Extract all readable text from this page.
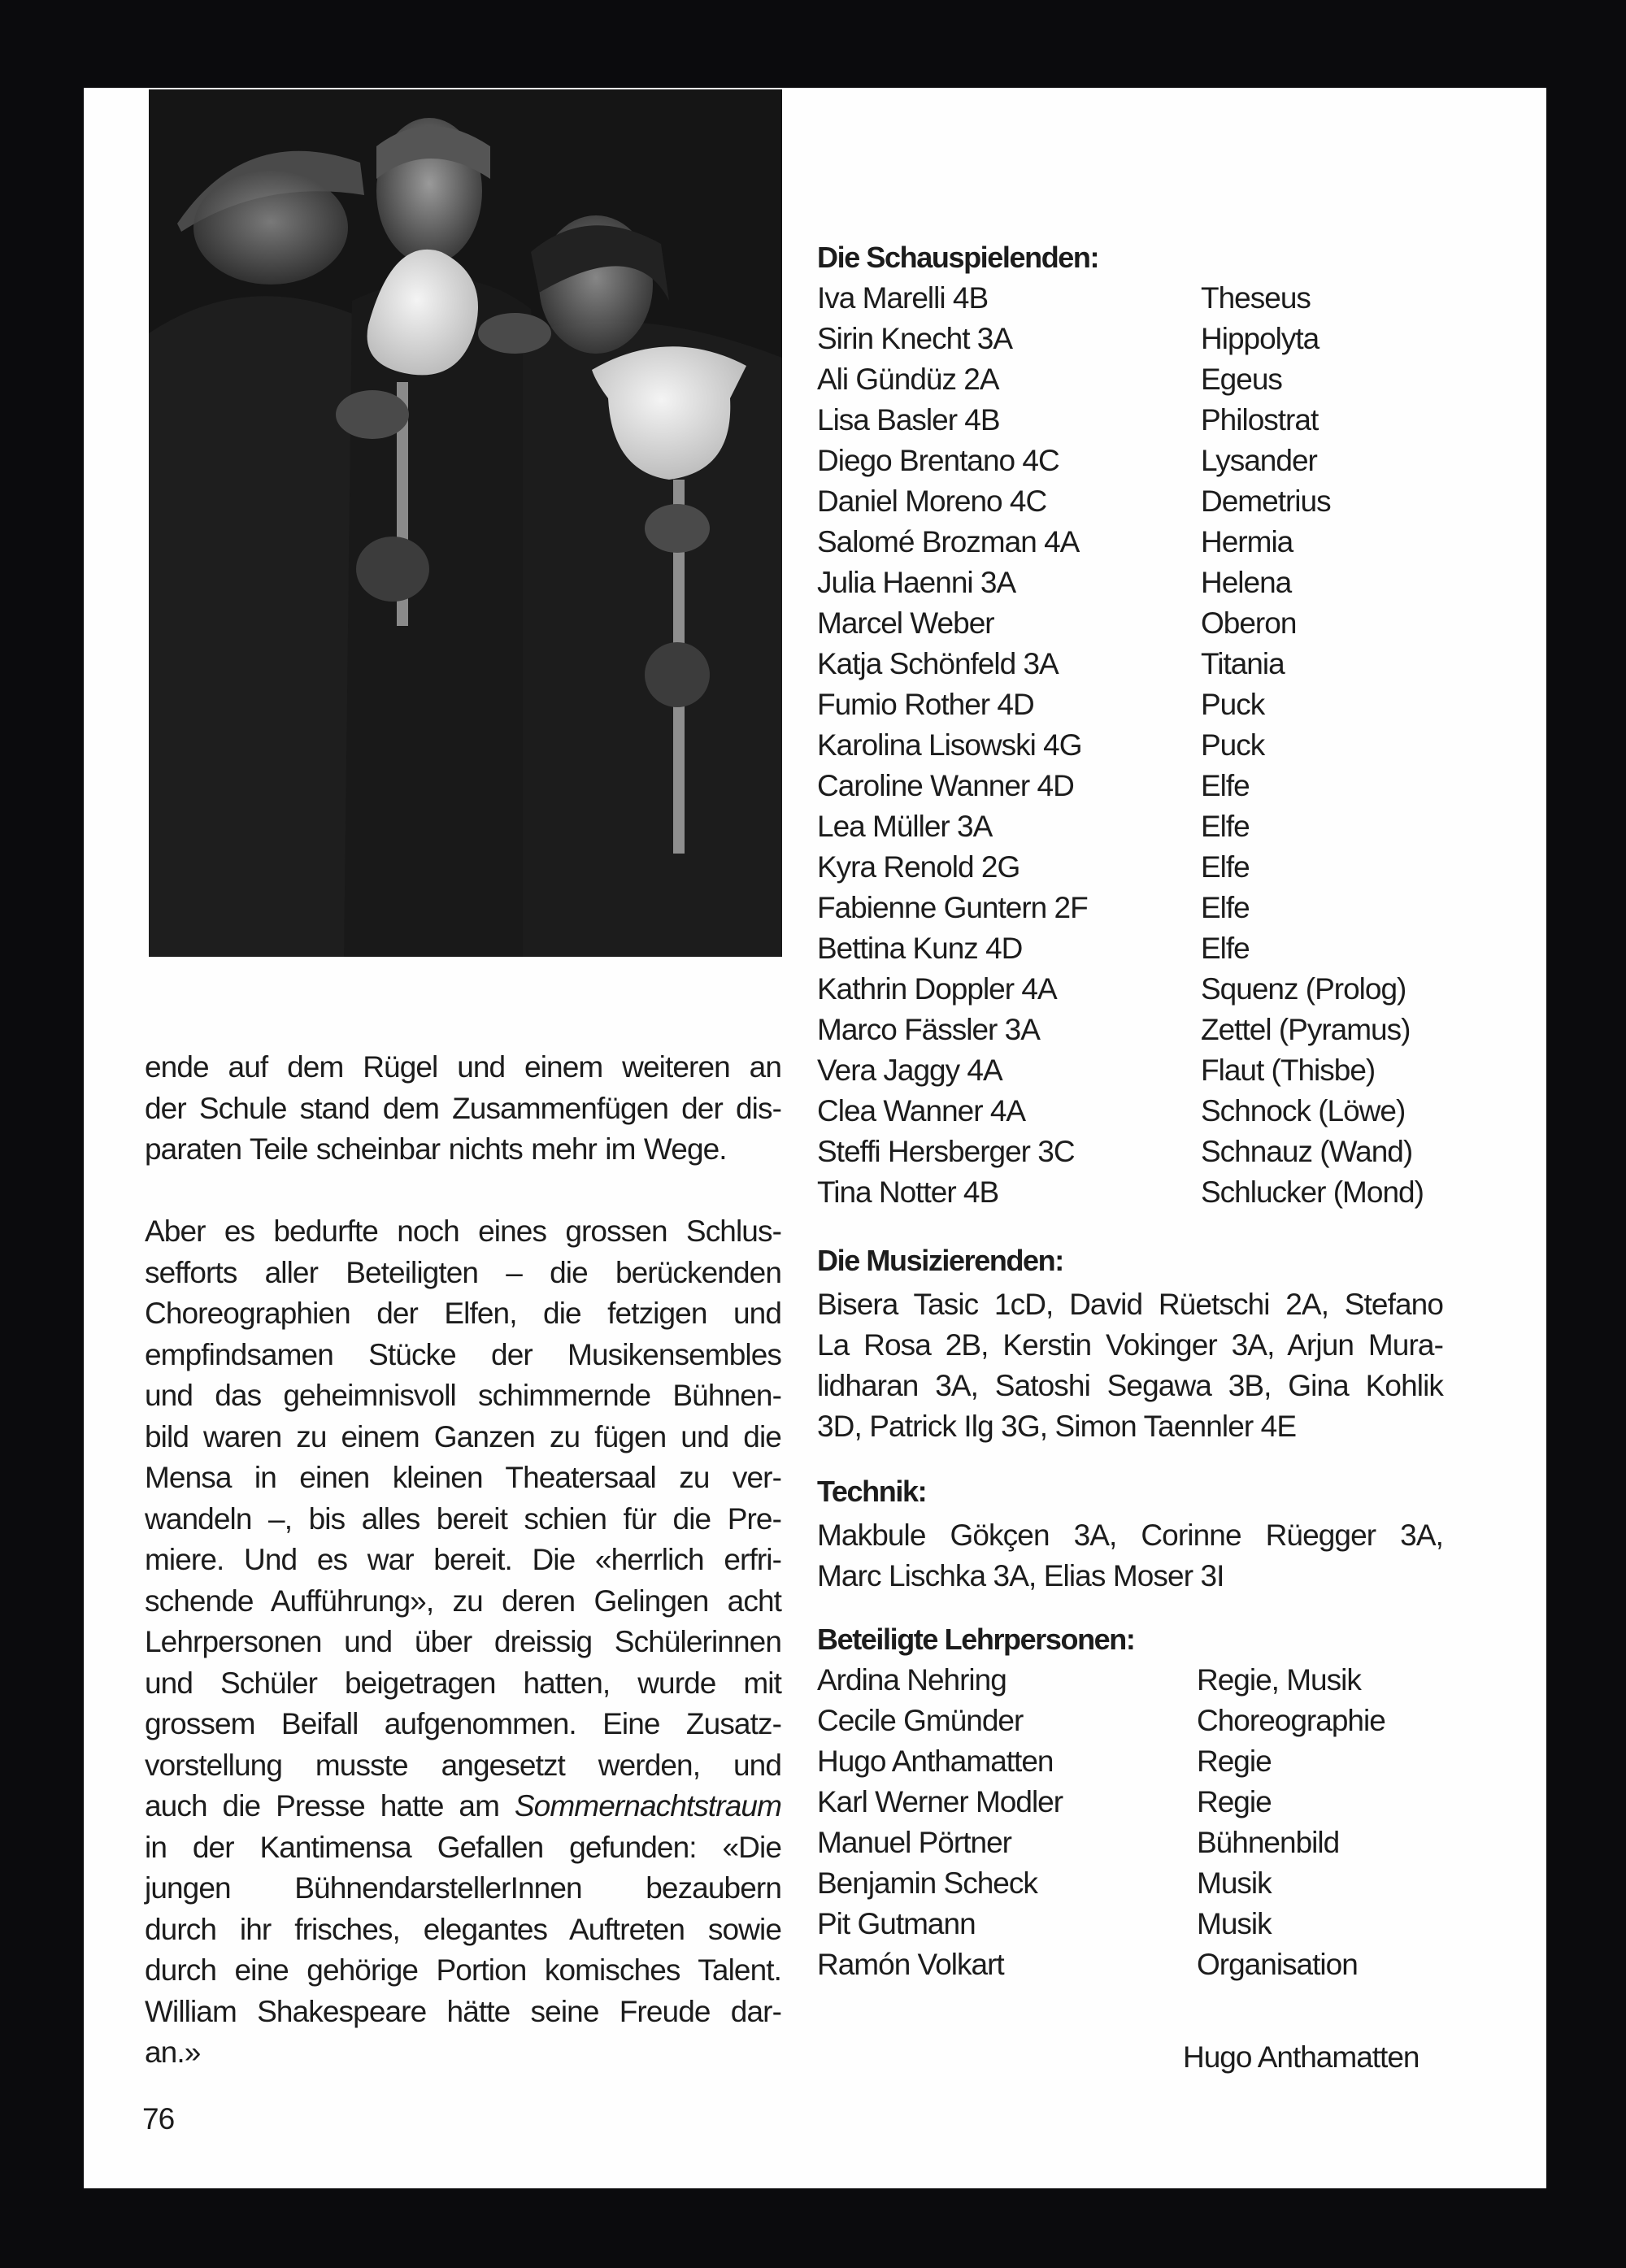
ende auf dem Rügel und einem weiteren an
der Schule stand dem Zusammenfügen der dis-
paraten Teile scheinbar nichts mehr im Wege.
Aber es bedurfte noch eines grossen Schlus-
sefforts aller Beteiligten – die berückenden
Choreographien der Elfen, die fetzigen und
empfindsamen Stücke der Musikensembles
und das geheimnisvoll schimmernde Bühnen-
bild waren zu einem Ganzen zu fügen und die
Mensa in einen kleinen Theatersaal zu ver-
wandeln –, bis alles bereit schien für die Pre-
miere. Und es war bereit. Die «herrlich erfri-
schende Aufführung», zu deren Gelingen acht
Lehrpersonen und über dreissig Schülerinnen
und Schüler beigetragen hatten, wurde mit
grossem Beifall aufgenommen. Eine Zusatz-
vorstellung musste angesetzt werden, und
auch die Presse hatte am Sommernachtstraum
in der Kantimensa Gefallen gefunden: «Die
jungen BühnendarstellerInnen bezaubern
durch ihr frisches, elegantes Auftreten sowie
durch eine gehörige Portion komisches Talent.
William Shakespeare hätte seine Freude dar-
an.»
76
Die Schauspielenden:
Iva Marelli 4B	Theseus
Sirin Knecht 3A	Hippolyta
Ali Gündüz 2A	Egeus
Lisa Basler 4B	Philostrat
Diego Brentano 4C	Lysander
Daniel Moreno 4C	Demetrius
Salomé Brozman 4A	Hermia
Julia Haenni 3A	Helena
Marcel Weber	Oberon
Katja Schönfeld 3A	Titania
Fumio Rother 4D	Puck
Karolina Lisowski 4G	Puck
Caroline Wanner 4D	Elfe
Lea Müller 3A	Elfe
Kyra Renold 2G	Elfe
Fabienne Guntern 2F	Elfe
Bettina Kunz 4D	Elfe
Kathrin Doppler 4A	Squenz (Prolog)
Marco Fässler 3A	Zettel (Pyramus)
Vera Jaggy 4A	Flaut (Thisbe)
Clea Wanner 4A	Schnock (Löwe)
Steffi Hersberger 3C	Schnauz (Wand)
Tina Notter 4B	Schlucker (Mond)
Die Musizierenden:
Bisera Tasic 1cD, David Rüetschi 2A, Stefano
La Rosa 2B, Kerstin Vokinger 3A, Arjun Mura-
lidharan 3A, Satoshi Segawa 3B, Gina Kohlik
3D, Patrick Ilg 3G, Simon Taennler 4E
Technik:
Makbule Gökçen 3A, Corinne Rüegger 3A,
Marc Lischka 3A, Elias Moser 3I
Beteiligte Lehrpersonen:
Ardina Nehring	Regie, Musik
Cecile Gmünder	Choreographie
Hugo Anthamatten	Regie
Karl Werner Modler	Regie
Manuel Pörtner	Bühnenbild
Benjamin Scheck	Musik
Pit Gutmann	Musik
Ramón Volkart	Organisation
Hugo Anthamatten
